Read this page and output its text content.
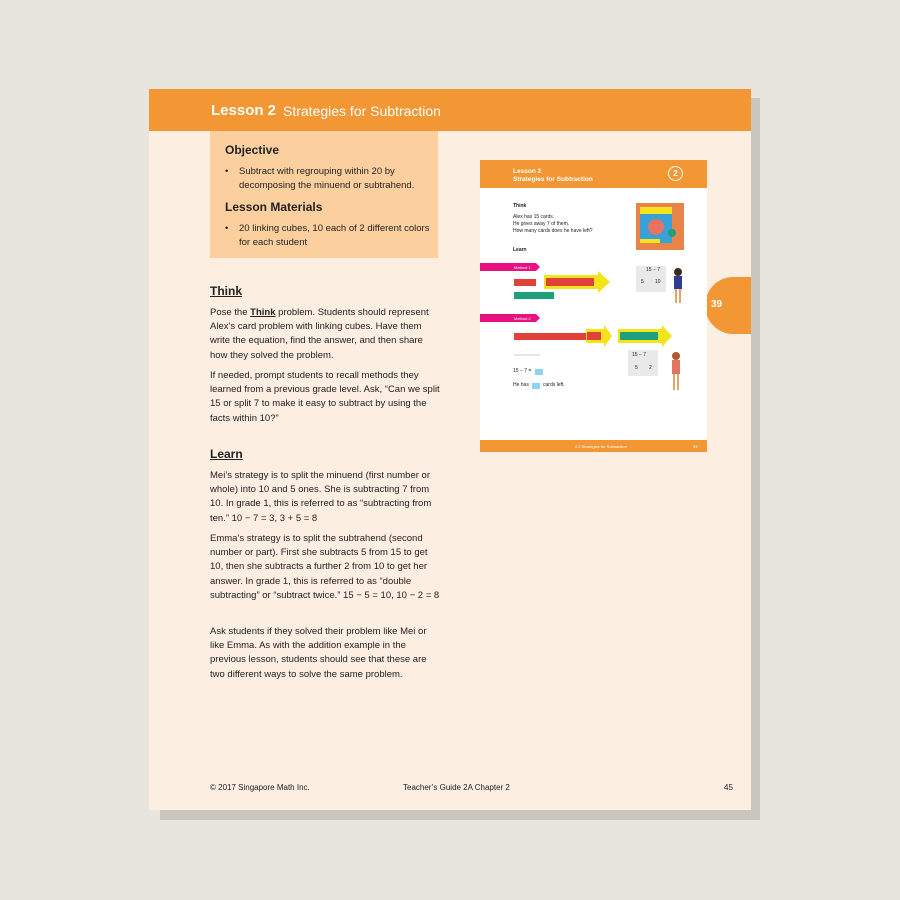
Lesson 2 Strategies for Subtraction
Objective
• Subtract with regrouping within 20 by decomposing the minuend or subtrahend.
Lesson Materials
• 20 linking cubes, 10 each of 2 different colors for each student
Think
Pose the Think problem. Students should represent Alex’s card problem with linking cubes. Have them write the equation, find the answer, and then share how they solved the problem.
If needed, prompt students to recall methods they learned from a previous grade level. Ask, “Can we split 15 or split 7 to make it easy to subtract by using the facts within 10?”
Learn
Mei’s strategy is to split the minuend (first number or whole) into 10 and 5 ones. She is subtracting 7 from 10. In grade 1, this is referred to as “subtracting from ten.” 10 − 7 = 3, 3 + 5 = 8
Emma’s strategy is to split the subtrahend (second number or part). First she subtracts 5 from 15 to get 10, then she subtracts a further 2 from 10 to get her answer. In grade 1, this is referred to as “double subtracting” or “subtract twice.” 15 − 5 = 10, 10 − 2 = 8
Ask students if they solved their problem like Mei or like Emma. As with the addition example in the previous lesson, students should see that these are two different ways to solve the same problem.
39
Lesson 2
Strategies for Subtraction
2
Think
Alex has 15 cards.
He gives away 7 of them.
How many cards does he have left?
Learn
Method 1
Method 2
15 − 7
5 10
15 − 7
5 2
15 − 7 =
He has	cards left.
2.2 Strategies for Subtraction	39
© 2017 Singapore Math Inc.	Teacher’s Guide 2A Chapter 2	45
